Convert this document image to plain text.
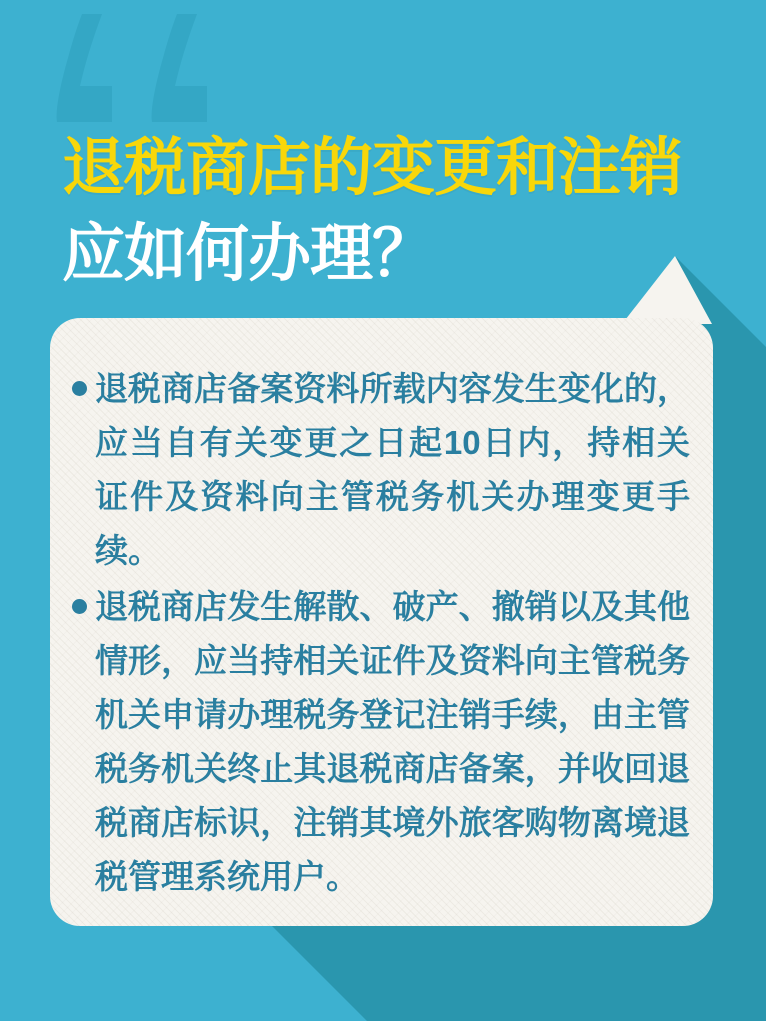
退税商店的变更和注销
应如何办理？
退税商店备案资料所载内容发生变化的，应当自有关变更之日起10日内，持相关证件及资料向主管税务机关办理变更手续。
退税商店发生解散、破产、撤销以及其他情形，应当持相关证件及资料向主管税务机关申请办理税务登记注销手续，由主管税务机关终止其退税商店备案，并收回退税商店标识，注销其境外旅客购物离境退税管理系统用户。
